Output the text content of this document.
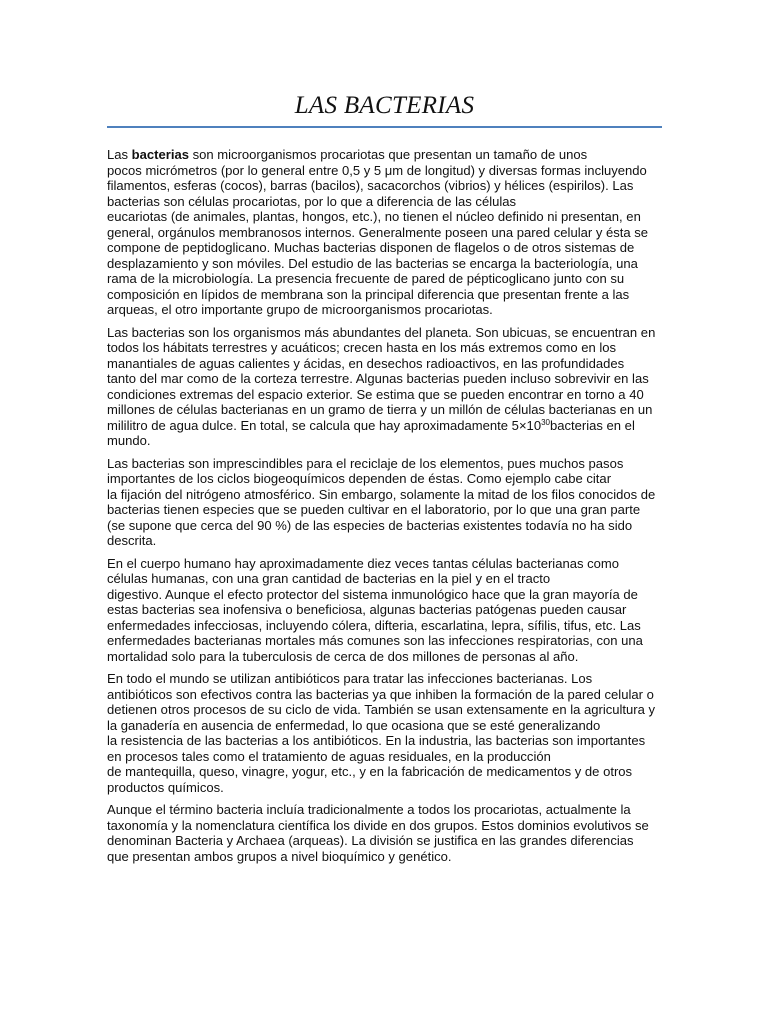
LAS BACTERIAS

Las bacterias son microorganismos procariotas que presentan un tamaño de unos
pocos micrómetros (por lo general entre 0,5 y 5 μm de longitud) y diversas formas incluyendo
filamentos, esferas (cocos), barras (bacilos), sacacorchos (vibrios) y hélices (espirilos). Las
bacterias son células procariotas, por lo que a diferencia de las células
eucariotas (de animales, plantas, hongos, etc.), no tienen el núcleo definido ni presentan, en
general, orgánulos membranosos internos. Generalmente poseen una pared celular y ésta se
compone de peptidoglicano. Muchas bacterias disponen de flagelos o de otros sistemas de
desplazamiento y son móviles. Del estudio de las bacterias se encarga la bacteriología, una
rama de la microbiología. La presencia frecuente de pared de pépticoglicano junto con su
composición en lípidos de membrana son la principal diferencia que presentan frente a las
arqueas, el otro importante grupo de microorganismos procariotas.

Las bacterias son los organismos más abundantes del planeta. Son ubicuas, se encuentran en
todos los hábitats terrestres y acuáticos; crecen hasta en los más extremos como en los
manantiales de aguas calientes y ácidas, en desechos radioactivos, en las profundidades
tanto del mar como de la corteza terrestre. Algunas bacterias pueden incluso sobrevivir en las
condiciones extremas del espacio exterior. Se estima que se pueden encontrar en torno a 40
millones de células bacterianas en un gramo de tierra y un millón de células bacterianas en un
mililitro de agua dulce. En total, se calcula que hay aproximadamente $5\times 10^{30}bacterias$ en el
mundo.

Las bacterias son imprescindibles para el reciclaje de los elementos, pues muchos pasos
importantes de los ciclos biogeoquímicos dependen de éstas. Como ejemplo cabe citar
la fijación del nitrógeno atmosférico. Sin embargo, solamente la mitad de los filos conocidos de
bacterias tienen especies que se pueden cultivar en el laboratorio, por lo que una gran parte
(se supone que cerca del 90 %) de las especies de bacterias existentes todavía no ha sido
descrita.

En el cuerpo humano hay aproximadamente diez veces tantas células bacterianas como
células humanas, con una gran cantidad de bacterias en la piel y en el tracto
digestivo. Aunque el efecto protector del sistema inmunológico hace que la gran mayoría de
estas bacterias sea inofensiva o beneficiosa, algunas bacterias patógenas pueden causar
enfermedades infecciosas, incluyendo cólera, difteria, escarlatina, lepra, sífilis, tifus, etc. Las
enfermedades bacterianas mortales más comunes son las infecciones respiratorias, con una
mortalidad solo para la tuberculosis de cerca de dos millones de personas al año.

En todo el mundo se utilizan antibióticos para tratar las infecciones bacterianas. Los
antibióticos son efectivos contra las bacterias ya que inhiben la formación de la pared celular o
detienen otros procesos de su ciclo de vida. También se usan extensamente en la agricultura y
la ganadería en ausencia de enfermedad, lo que ocasiona que se esté generalizando
la resistencia de las bacterias a los antibióticos. En la industria, las bacterias son importantes
en procesos tales como el tratamiento de aguas residuales, en la producción
de mantequilla, queso, vinagre, yogur, etc., y en la fabricación de medicamentos y de otros
productos químicos.

Aunque el término bacteria incluía tradicionalmente a todos los procariotas, actualmente la
taxonomía y la nomenclatura científica los divide en dos grupos. Estos dominios evolutivos se
denominan Bacteria y Archaea (arqueas). La división se justifica en las grandes diferencias
que presentan ambos grupos a nivel bioquímico y genético.
